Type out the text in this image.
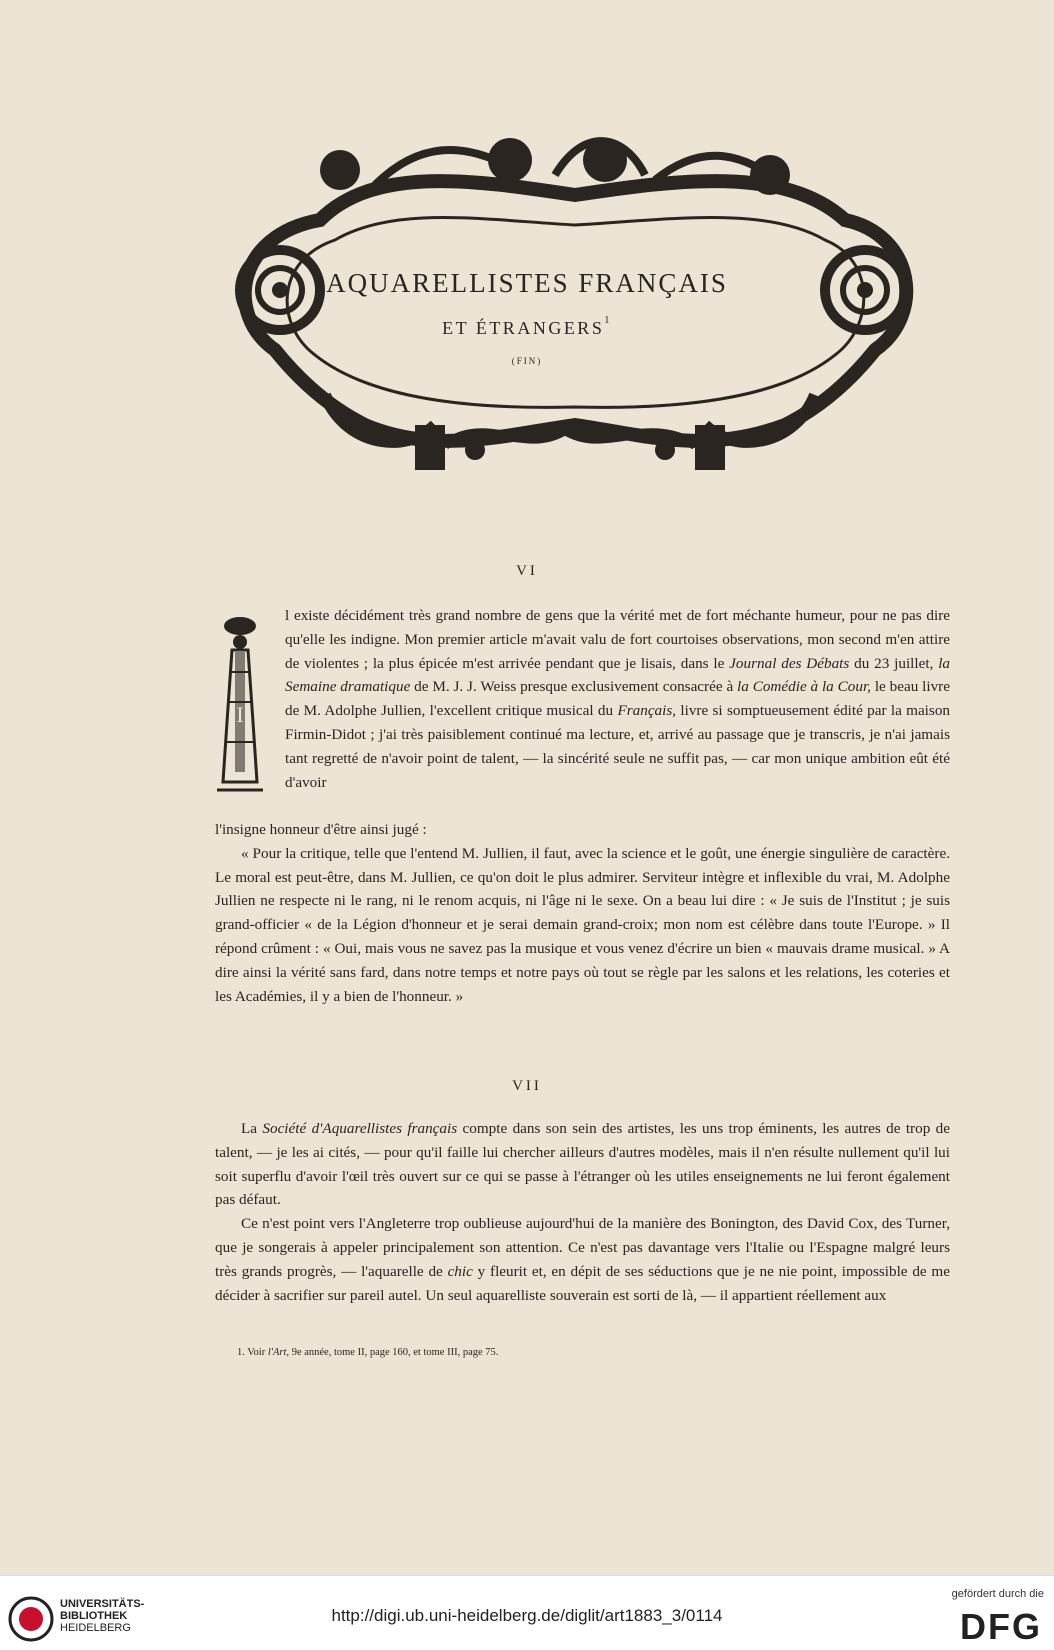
AQUARELLISTES FRANÇAIS
ET ÉTRANGERS$^1$
(FIN)
VI
I
l existe décidément très grand nombre de gens que la vérité met de fort méchante humeur, pour ne pas dire qu'elle les indigne. Mon premier article m'avait valu de fort courtoises observations, mon second m'en attire de violentes ; la plus épicée m'est arrivée pendant que je lisais, dans le Journal des Débats du 23 juillet, la Semaine dramatique de M. J. J. Weiss presque exclusivement consacrée à la Comédie à la Cour, le beau livre de M. Adolphe Jullien, l'excellent critique musical du Français, livre si somptueusement édité par la maison Firmin-Didot ; j'ai très paisiblement continué ma lecture, et, arrivé au passage que je transcris, je n'ai jamais tant regretté de n'avoir point de talent, — la sincérité seule ne suffit pas, — car mon unique ambition eût été d'avoir

l'insigne honneur d'être ainsi jugé :

« Pour la critique, telle que l'entend M. Jullien, il faut, avec la science et le goût, une énergie singulière de caractère. Le moral est peut-être, dans M. Jullien, ce qu'on doit le plus admirer. Serviteur intègre et inflexible du vrai, M. Adolphe Jullien ne respecte ni le rang, ni le renom acquis, ni l'âge ni le sexe. On a beau lui dire : « Je suis de l'Institut ; je suis grand-officier « de la Légion d'honneur et je serai demain grand-croix; mon nom est célèbre dans toute l'Europe. » Il répond crûment : « Oui, mais vous ne savez pas la musique et vous venez d'écrire un bien « mauvais drame musical. » A dire ainsi la vérité sans fard, dans notre temps et notre pays où tout se règle par les salons et les relations, les coteries et les Académies, il y a bien de l'honneur. »

VII

La Société d'Aquarellistes français compte dans son sein des artistes, les uns trop éminents, les autres de trop de talent, — je les ai cités, — pour qu'il faille lui chercher ailleurs d'autres modèles, mais il n'en résulte nullement qu'il lui soit superflu d'avoir l'œil très ouvert sur ce qui se passe à l'étranger où les utiles enseignements ne lui feront également pas défaut.

Ce n'est point vers l'Angleterre trop oublieuse aujourd'hui de la manière des Bonington, des David Cox, des Turner, que je songerais à appeler principalement son attention. Ce n'est pas davantage vers l'Italie ou l'Espagne malgré leurs très grands progrès, — l'aquarelle de chic y fleurit et, en dépit de ses séductions que je ne nie point, impossible de me décider à sacrifier sur pareil autel. Un seul aquarelliste souverain est sorti de là, — il appartient réellement aux

1. Voir l'Art, 9e année, tome II, page 160, et tome III, page 75.
UNIVERSITÄTS-
BIBLIOTHEK
HEIDELBERG
http://digi.ub.uni-heidelberg.de/diglit/art1883_3/0114
gefördert durch die
DFG
